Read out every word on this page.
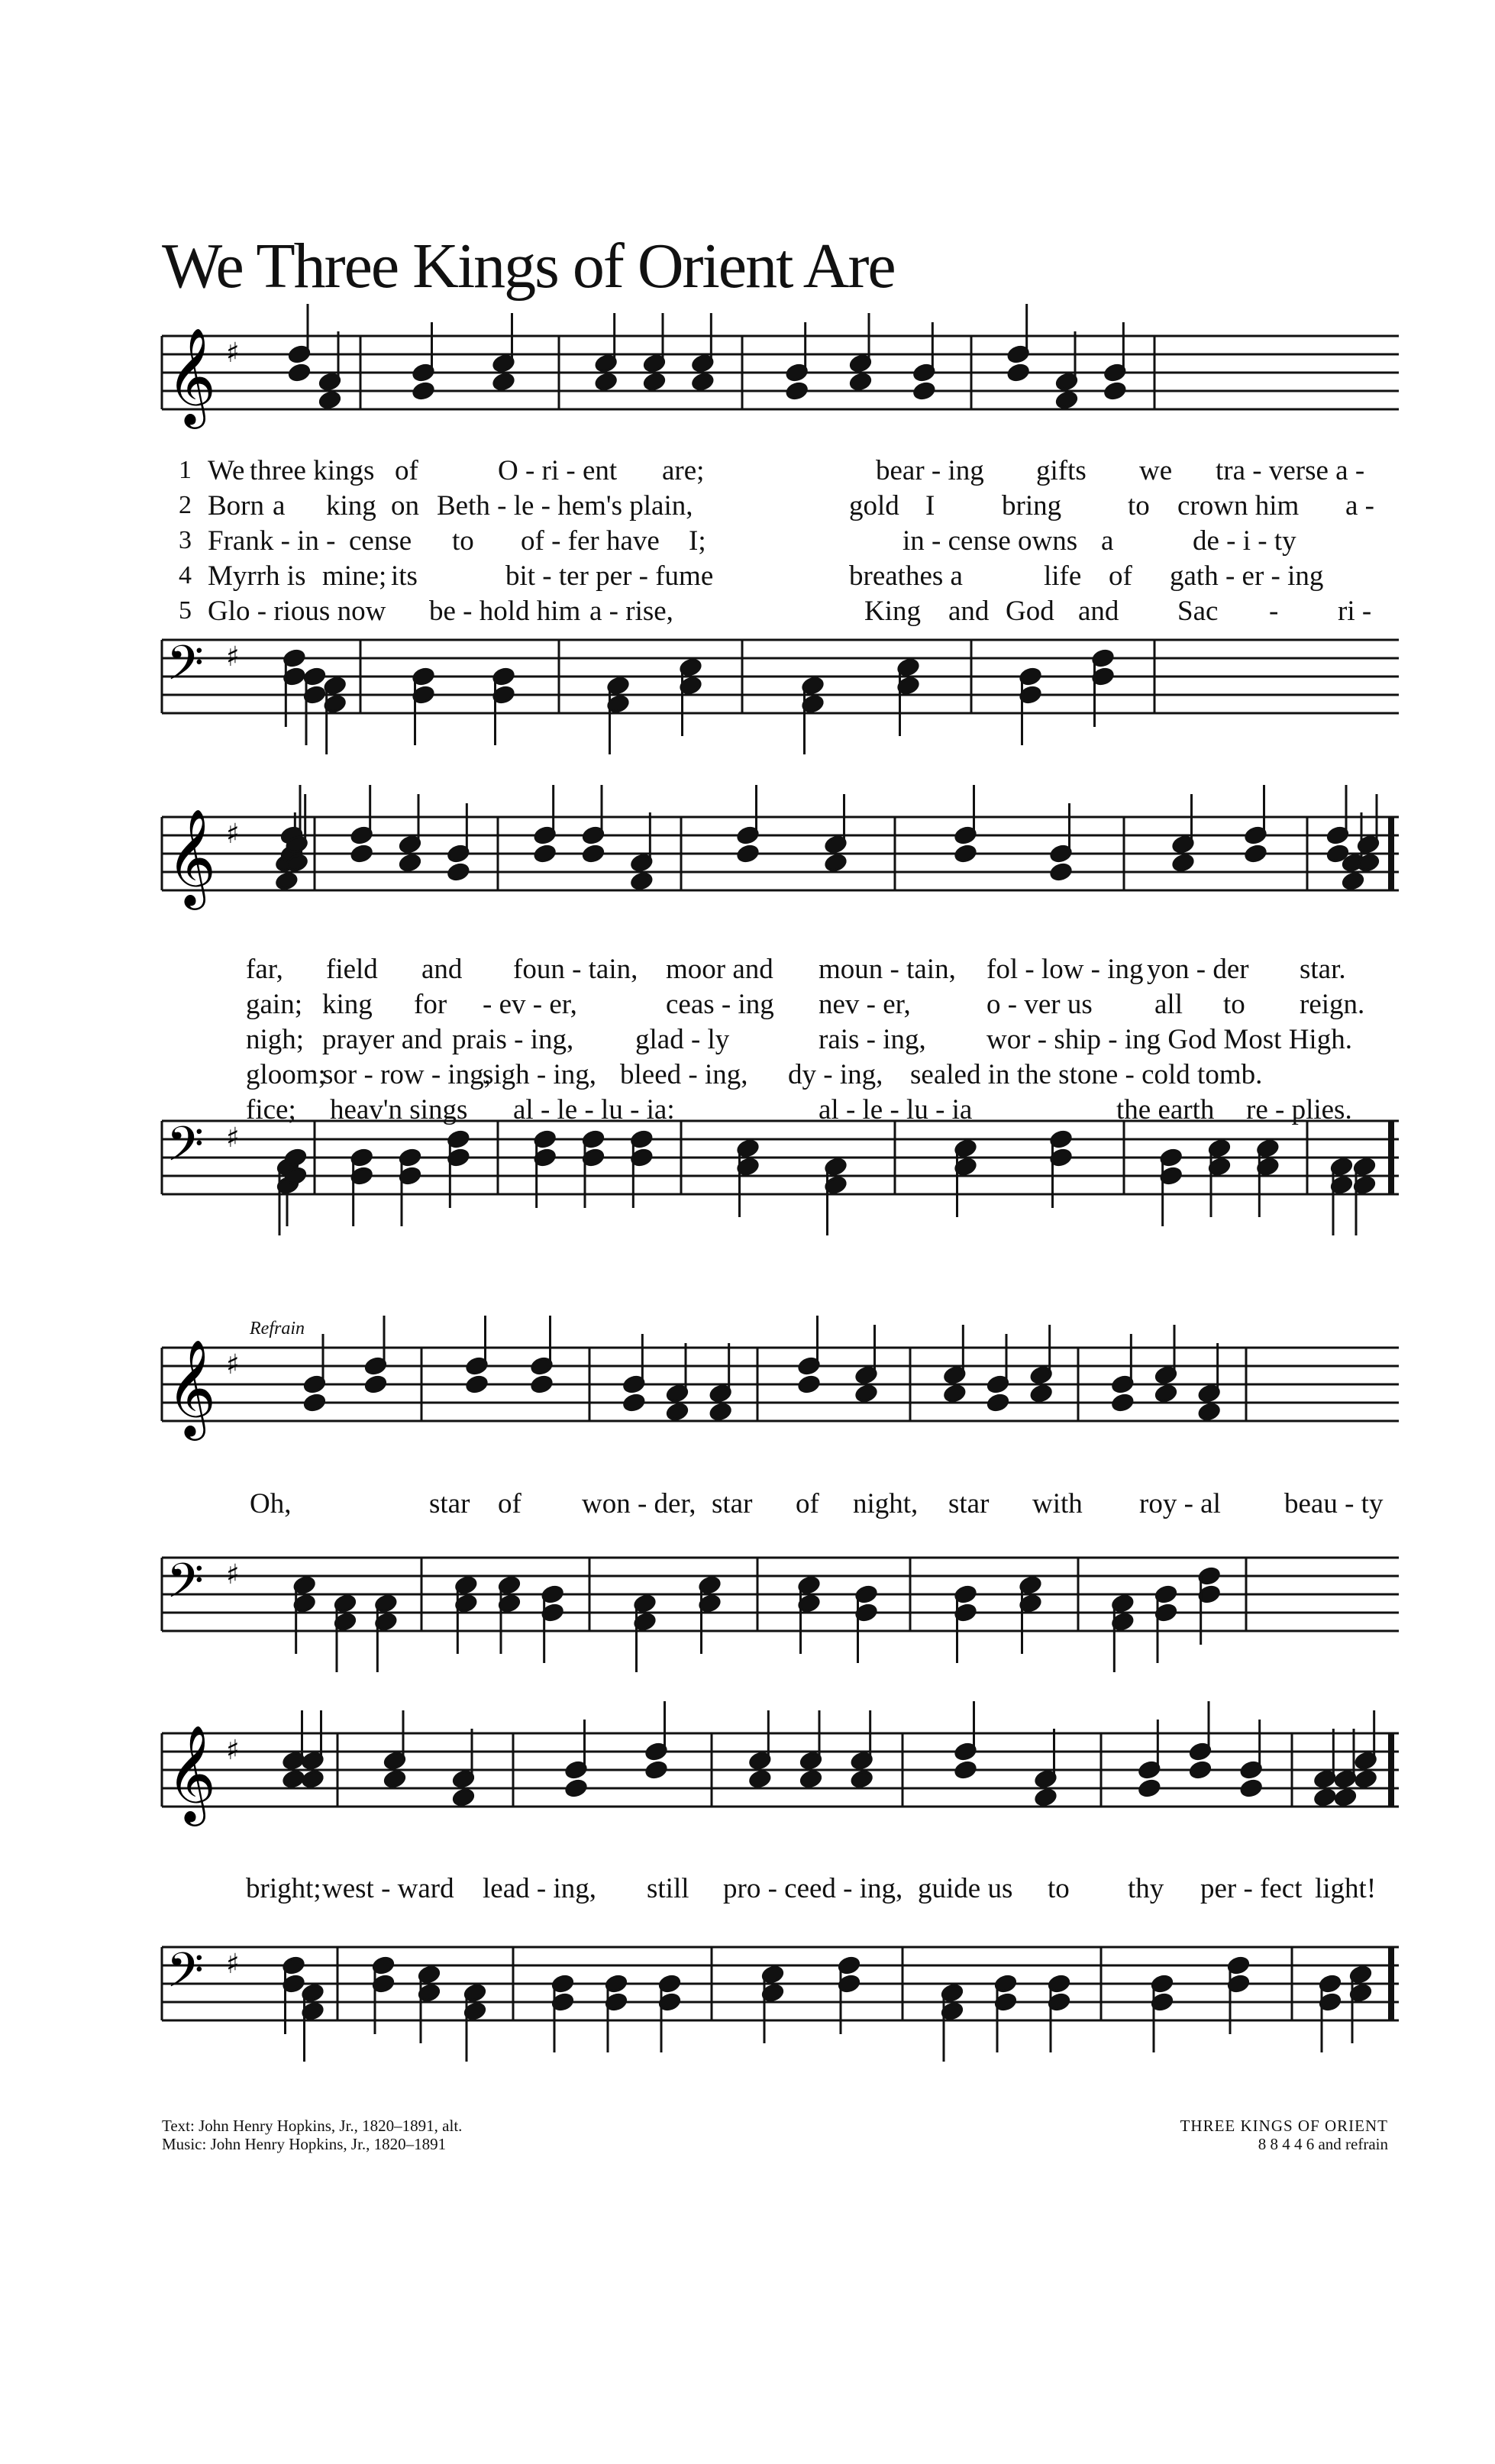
We Three Kings of Orient Are
𝄞 ♯
1 We three kings of	O - ri - ent are;	bear - ing gifts we tra - verse a -
2 Born a king on Beth - le - hem's plain,	gold I bring to crown him a -
3 Frank - in - cense to of - fer have I;	in - cense owns a	de - i - ty
4 Myrrh is mine; its	bit - ter per - fume	breathes a	life of gath - er - ing
5 Glo - rious now be - hold him a - rise,	King and God and Sac - ri -
𝄢 ♯
𝄞 ♯
far, field and foun - tain, moor and moun - tain, fol - low - ing yon - der star.
gain; king for - ev - er,	ceas - ing nev - er,	o - ver us all to reign.
nigh; prayer and prais - ing, glad - ly	rais - ing, wor - ship - ing God Most High.
gloom;
sor - row - ing,
sigh - ing, bleed - ing, dy - ing, sealed in the stone - cold tomb.
fice; heav'n sings al - le - lu - ia:	al - le - lu - ia	the earth re - plies.
𝄢 ♯
Refrain
𝄞 ♯
Oh,	star of won - der, star of night, star with roy - al beau - ty
𝄢 ♯
𝄞 ♯
bright; west - ward lead - ing, still pro - ceed - ing, guide us to thy per - fect light!
𝄢 ♯
Text: John Henry Hopkins, Jr., 1820–1891, alt.
Music: John Henry Hopkins, Jr., 1820–1891
THREE KINGS OF ORIENT
8 8 4 4 6 and refrain
